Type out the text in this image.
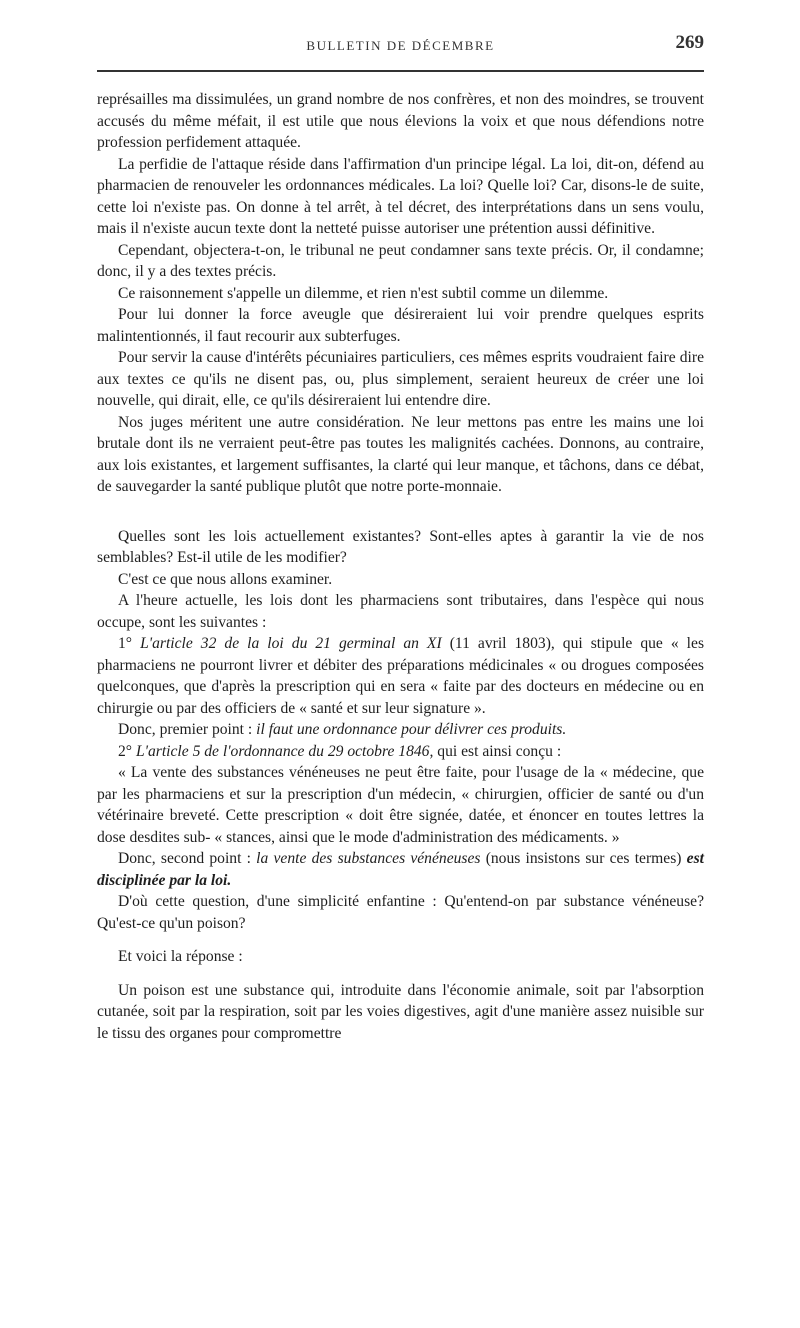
BULLETIN DE DÉCEMBRE	269

représailles ma dissimulées, un grand nombre de nos confrères, et non des moindres, se trouvent accusés du même méfait, il est utile que nous élevions la voix et que nous défendions notre profession perfidement attaquée.

La perfidie de l'attaque réside dans l'affirmation d'un principe légal. La loi, dit-on, défend au pharmacien de renouveler les ordonnances médicales. La loi? Quelle loi? Car, disons-le de suite, cette loi n'existe pas. On donne à tel arrêt, à tel décret, des interprétations dans un sens voulu, mais il n'existe aucun texte dont la netteté puisse autoriser une prétention aussi définitive.

Cependant, objectera-t-on, le tribunal ne peut condamner sans texte précis. Or, il condamne; donc, il y a des textes précis.

Ce raisonnement s'appelle un dilemme, et rien n'est subtil comme un dilemme.

Pour lui donner la force aveugle que désireraient lui voir prendre quelques esprits malintentionnés, il faut recourir aux subterfuges.

Pour servir la cause d'intérêts pécuniaires particuliers, ces mêmes esprits voudraient faire dire aux textes ce qu'ils ne disent pas, ou, plus simplement, seraient heureux de créer une loi nouvelle, qui dirait, elle, ce qu'ils désireraient lui entendre dire.

Nos juges méritent une autre considération. Ne leur mettons pas entre les mains une loi brutale dont ils ne verraient peut-être pas toutes les malignités cachées. Donnons, au contraire, aux lois existantes, et largement suffisantes, la clarté qui leur manque, et tâchons, dans ce débat, de sauvegarder la santé publique plutôt que notre porte-monnaie.

Quelles sont les lois actuellement existantes? Sont-elles aptes à garantir la vie de nos semblables? Est-il utile de les modifier?

C'est ce que nous allons examiner.

A l'heure actuelle, les lois dont les pharmaciens sont tributaires, dans l'espèce qui nous occupe, sont les suivantes :

1° L'article 32 de la loi du 21 germinal an XI (11 avril 1803), qui stipule que « les pharmaciens ne pourront livrer et débiter des préparations médicinales « ou drogues composées quelconques, que d'après la prescription qui en sera « faite par des docteurs en médecine ou en chirurgie ou par des officiers de « santé et sur leur signature ».

Donc, premier point : il faut une ordonnance pour délivrer ces produits.

2° L'article 5 de l'ordonnance du 29 octobre 1846, qui est ainsi conçu :

« La vente des substances vénéneuses ne peut être faite, pour l'usage de la « médecine, que par les pharmaciens et sur la prescription d'un médecin, « chirurgien, officier de santé ou d'un vétérinaire breveté. Cette prescription « doit être signée, datée, et énoncer en toutes lettres la dose desdites sub- « stances, ainsi que le mode d'administration des médicaments. »

Donc, second point : la vente des substances vénéneuses (nous insistons sur ces termes) est disciplinée par la loi.

D'où cette question, d'une simplicité enfantine : Qu'entend-on par substance vénéneuse? Qu'est-ce qu'un poison?

Et voici la réponse :

Un poison est une substance qui, introduite dans l'économie animale, soit par l'absorption cutanée, soit par la respiration, soit par les voies digestives, agit d'une manière assez nuisible sur le tissu des organes pour compromettre
